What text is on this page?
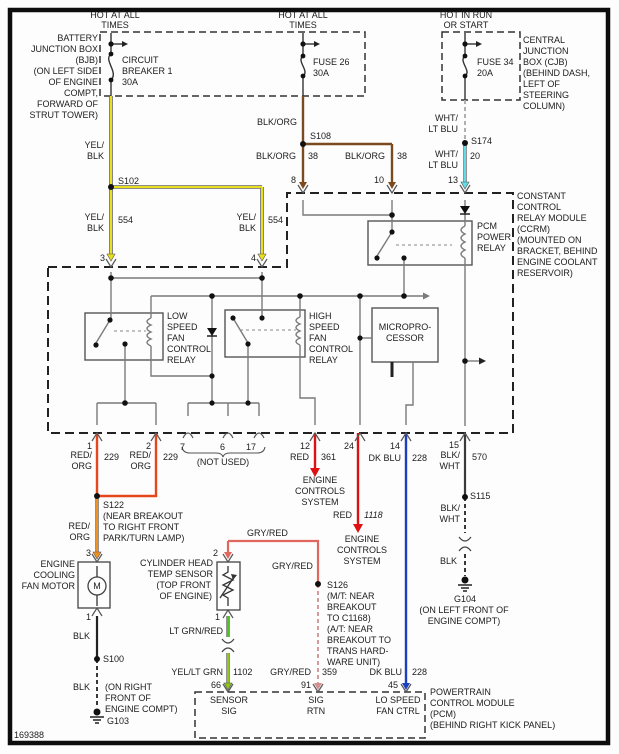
HOT AT ALL
TIMES
BATTERY
JUNCTION BOX
(BJB)
(ON LEFT SIDE
OF ENGINE
COMPT,
FORWARD OF
STRUT TOWER)
CIRCUIT
BREAKER 1
30A
YEL/
BLK
S102
YEL/
BLK
554	YEL/
BLK
554
3	4
HOT AT ALL
TIMES
FUSE 26
30A
BLK/ORG
S108
BLK/ORG 38	BLK/ORG 38
8	10	13
HOT IN RUN
OR START
FUSE 34
20A
CENTRAL
JUNCTION
BOX (CJB)
(BEHIND DASH,
LEFT OF
STEERING
COLUMN)
WHT/
LT BLU
S174
WHT/
LT BLU
20
CONSTANT
CONTROL
RELAY MODULE
(CCRM)
(MOUNTED ON
BRACKET, BEHIND
ENGINE COOLANT
RESERVOIR)
PCM
POWER
RELAY
LOW
SPEED
FAN
CONTROL
RELAY
HIGH
SPEED
FAN
CONTROL
RELAY
MICROPRO-
CESSOR
1	2	7	6 17	12	24	14	15
RED/
ORG
229 RED/
ORG
229 (NOT USED)	RED 361
ENGINE
CONTROLS
SYSTEM
RED 1118
ENGINE
CONTROLS
SYSTEM
DK BLU 228 BLK/
WHT
570
S115
BLK/
WHT
BLK
G104
(ON LEFT FRONT OF
ENGINE COMPT)
S122
(NEAR BREAKOUT
TO RIGHT FRONT
PARK/TURN LAMP)
RED/
ORG
3
ENGINE
COOLING
FAN MOTOR M
1
BLK
S100
BLK (ON RIGHT
FRONT OF
ENGINE COMPT)
G103
GRY/RED
GRY/RED
2
CYLINDER HEAD
TEMP SENSOR
(TOP FRONT
OF ENGINE)
1
LT GRN/RED
S126
(M/T: NEAR
BREAKOUT
TO C1168)
(A/T: NEAR
BREAKOUT TO
TRANS HARD-
WARE UNIT)
YEL/LT GRN 1102
66
GRY/RED 359
91
DK BLU 228
45
SENSOR
SIG
SIG
RTN
LO SPEED
FAN CTRL
POWERTRAIN
CONTROL MODULE
(PCM)
(BEHIND RIGHT KICK PANEL)
169388
